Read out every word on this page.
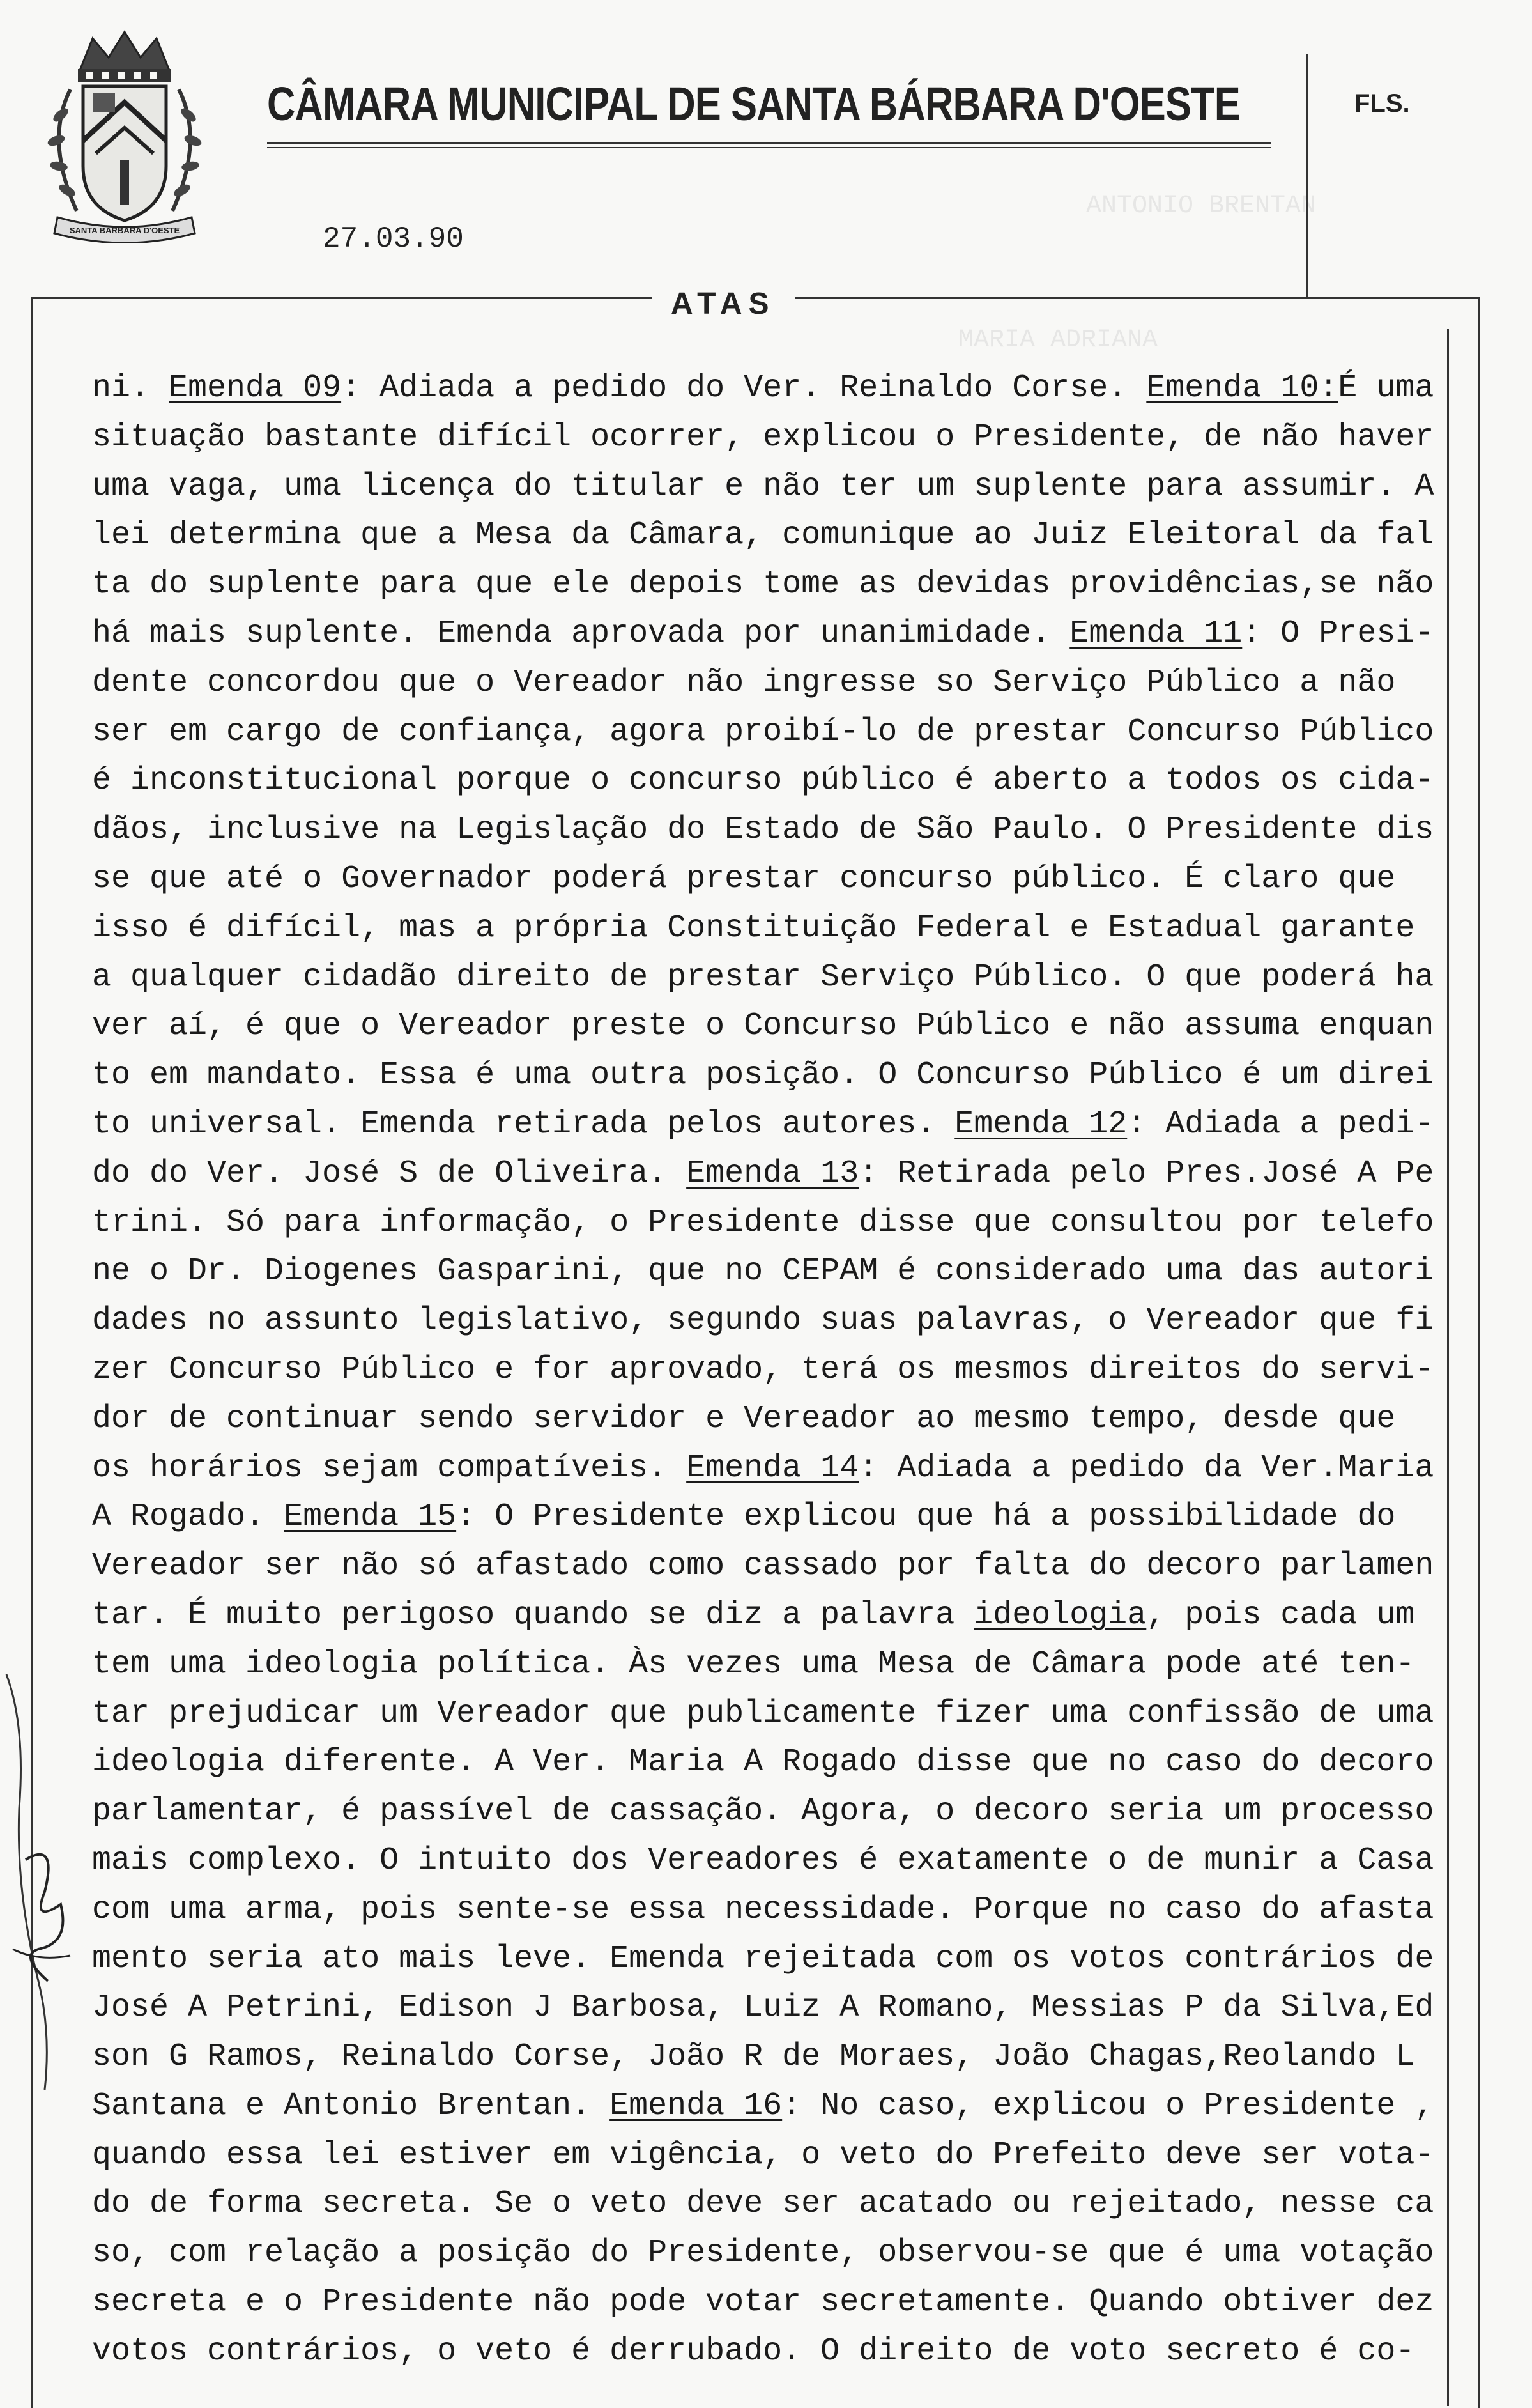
SANTA BARBARA D'OESTE
CÂMARA MUNICIPAL DE SANTA BÁRBARA D'OESTE	FLS.
27.03.90
ATAS
ANTONIO BRENTAN
MARIA ADRIANA
ni. Emenda 09: Adiada a pedido do Ver. Reinaldo Corse. Emenda 10:É uma
situação bastante difícil ocorrer, explicou o Presidente, de não haver
uma vaga, uma licença do titular e não ter um suplente para assumir. A
lei determina que a Mesa da Câmara, comunique ao Juiz Eleitoral da fal
ta do suplente para que ele depois tome as devidas providências,se não
há mais suplente. Emenda aprovada por unanimidade. Emenda 11: O Presi-
dente concordou que o Vereador não ingresse so Serviço Público a não
ser em cargo de confiança, agora proibí-lo de prestar Concurso Público
é inconstitucional porque o concurso público é aberto a todos os cida-
dãos, inclusive na Legislação do Estado de São Paulo. O Presidente dis
se que até o Governador poderá prestar concurso público. É claro que
isso é difícil, mas a própria Constituição Federal e Estadual garante
a qualquer cidadão direito de prestar Serviço Público. O que poderá ha
ver aí, é que o Vereador preste o Concurso Público e não assuma enquan
to em mandato. Essa é uma outra posição. O Concurso Público é um direi
to universal. Emenda retirada pelos autores. Emenda 12: Adiada a pedi-
do do Ver. José S de Oliveira. Emenda 13: Retirada pelo Pres.José A Pe
trini. Só para informação, o Presidente disse que consultou por telefo
ne o Dr. Diogenes Gasparini, que no CEPAM é considerado uma das autori
dades no assunto legislativo, segundo suas palavras, o Vereador que fi
zer Concurso Público e for aprovado, terá os mesmos direitos do servi-
dor de continuar sendo servidor e Vereador ao mesmo tempo, desde que
os horários sejam compatíveis. Emenda 14: Adiada a pedido da Ver.Maria
A Rogado. Emenda 15: O Presidente explicou que há a possibilidade do
Vereador ser não só afastado como cassado por falta do decoro parlamen
tar. É muito perigoso quando se diz a palavra ideologia, pois cada um
tem uma ideologia política. Às vezes uma Mesa de Câmara pode até ten-
tar prejudicar um Vereador que publicamente fizer uma confissão de uma
ideologia diferente. A Ver. Maria A Rogado disse que no caso do decoro
parlamentar, é passível de cassação. Agora, o decoro seria um processo
mais complexo. O intuito dos Vereadores é exatamente o de munir a Casa
com uma arma, pois sente-se essa necessidade. Porque no caso do afasta
mento seria ato mais leve. Emenda rejeitada com os votos contrários de
José A Petrini, Edison J Barbosa, Luiz A Romano, Messias P da Silva,Ed
son G Ramos, Reinaldo Corse, João R de Moraes, João Chagas,Reolando L
Santana e Antonio Brentan. Emenda 16: No caso, explicou o Presidente ,
quando essa lei estiver em vigência, o veto do Prefeito deve ser vota-
do de forma secreta. Se o veto deve ser acatado ou rejeitado, nesse ca
so, com relação a posição do Presidente, observou-se que é uma votação
secreta e o Presidente não pode votar secretamente. Quando obtiver dez
votos contrários, o veto é derrubado. O direito de voto secreto é co-
